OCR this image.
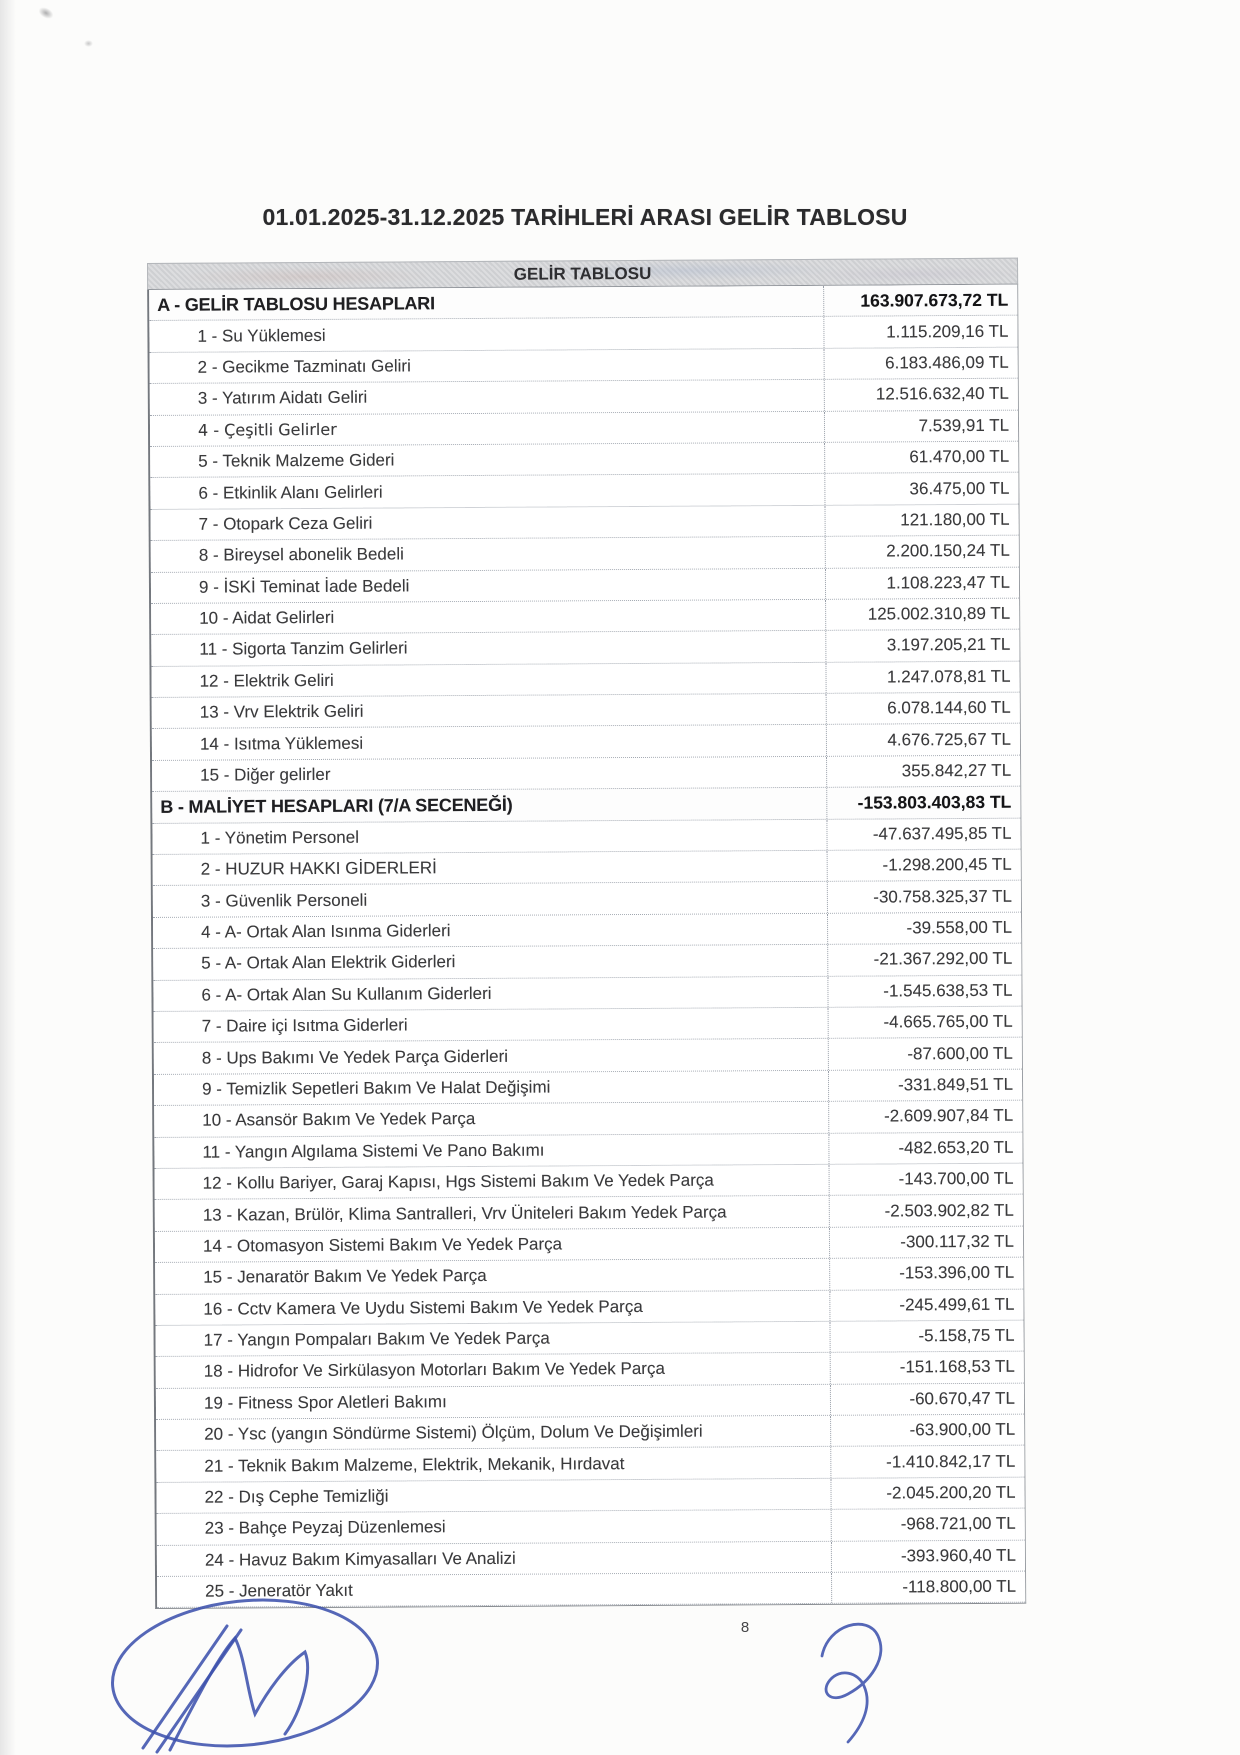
01.01.2025-31.12.2025 TARİHLERİ ARASI GELİR TABLOSU
GELİR TABLOSU
A - GELİR TABLOSU HESAPLARI	163.907.673,72 TL
1 - Su Yüklemesi	1.115.209,16 TL
2 - Gecikme Tazminatı Geliri	6.183.486,09 TL
3 - Yatırım Aidatı Geliri	12.516.632,40 TL
4 - Çeşitli Gelirler	7.539,91 TL
5 - Teknik Malzeme Gideri	61.470,00 TL
6 - Etkinlik Alanı Gelirleri	36.475,00 TL
7 - Otopark Ceza Geliri	121.180,00 TL
8 - Bireysel abonelik Bedeli	2.200.150,24 TL
9 - İSKİ Teminat İade Bedeli	1.108.223,47 TL
10 - Aidat Gelirleri	125.002.310,89 TL
11 - Sigorta Tanzim Gelirleri	3.197.205,21 TL
12 - Elektrik Geliri	1.247.078,81 TL
13 - Vrv Elektrik Geliri	6.078.144,60 TL
14 - Isıtma Yüklemesi	4.676.725,67 TL
15 - Diğer gelirler	355.842,27 TL
B - MALİYET HESAPLARI (7/A SECENEĞİ)	-153.803.403,83 TL
1 - Yönetim Personel	-47.637.495,85 TL
2 - HUZUR HAKKI GİDERLERİ	-1.298.200,45 TL
3 - Güvenlik Personeli	-30.758.325,37 TL
4 - A- Ortak Alan Isınma Giderleri	-39.558,00 TL
5 - A- Ortak Alan Elektrik Giderleri	-21.367.292,00 TL
6 - A- Ortak Alan Su Kullanım Giderleri	-1.545.638,53 TL
7 - Daire içi Isıtma Giderleri	-4.665.765,00 TL
8 - Ups Bakımı Ve Yedek Parça Giderleri	-87.600,00 TL
9 - Temizlik Sepetleri Bakım Ve Halat Değişimi	-331.849,51 TL
10 - Asansör Bakım Ve Yedek Parça	-2.609.907,84 TL
11 - Yangın Algılama Sistemi Ve Pano Bakımı	-482.653,20 TL
12 - Kollu Bariyer, Garaj Kapısı, Hgs Sistemi Bakım Ve Yedek Parça	-143.700,00 TL
13 - Kazan, Brülör, Klima Santralleri, Vrv Üniteleri Bakım Yedek Parça	-2.503.902,82 TL
14 - Otomasyon Sistemi Bakım Ve Yedek Parça	-300.117,32 TL
15 - Jenaratör Bakım Ve Yedek Parça	-153.396,00 TL
16 - Cctv Kamera Ve Uydu Sistemi Bakım Ve Yedek Parça	-245.499,61 TL
17 - Yangın Pompaları Bakım Ve Yedek Parça	-5.158,75 TL
18 - Hidrofor Ve Sirkülasyon Motorları Bakım Ve Yedek Parça	-151.168,53 TL
19 - Fitness Spor Aletleri Bakımı	-60.670,47 TL
20 - Ysc (yangın Söndürme Sistemi) Ölçüm, Dolum Ve Değişimleri	-63.900,00 TL
21 - Teknik Bakım Malzeme, Elektrik, Mekanik, Hırdavat	-1.410.842,17 TL
22 - Dış Cephe Temizliği	-2.045.200,20 TL
23 - Bahçe Peyzaj Düzenlemesi	-968.721,00 TL
24 - Havuz Bakım Kimyasalları Ve Analizi	-393.960,40 TL
25 - Jeneratör Yakıt	-118.800,00 TL
8
